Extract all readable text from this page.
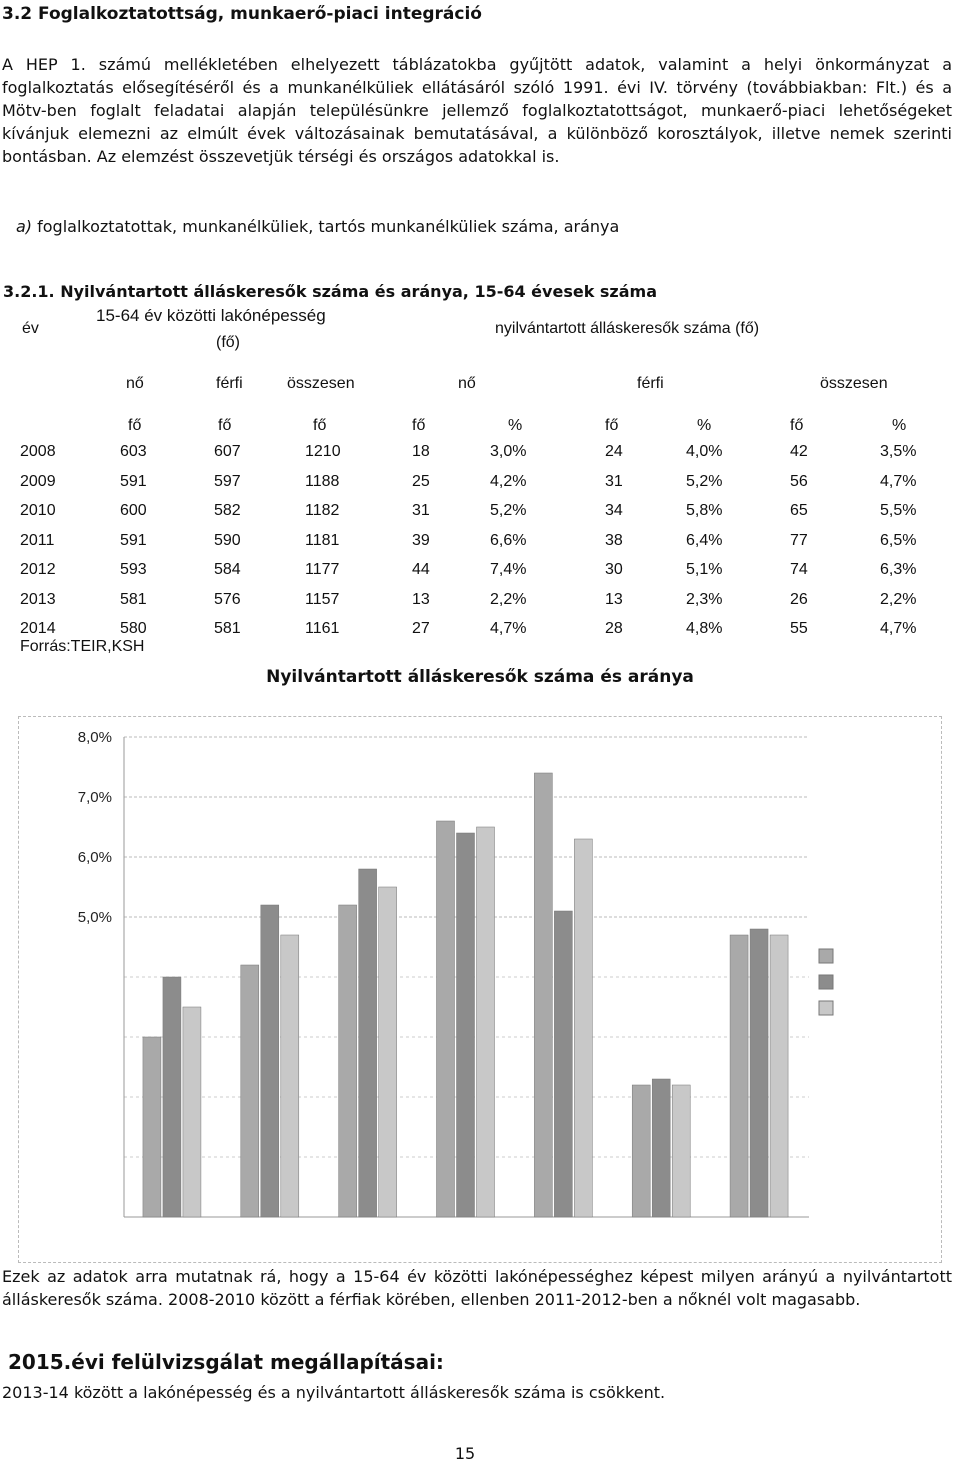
3.2 Foglalkoztatottság, munkaerő-piaci integráció
A HEP 1. számú mellékletében elhelyezett táblázatokba gyűjtött adatok, valamint a helyi önkormányzat a foglalkoztatás elősegítéséről és a munkanélküliek ellátásáról szóló 1991. évi IV. törvény (továbbiakban: Flt.) és a Mötv-ben foglalt feladatai alapján településünkre jellemző foglalkoztatottságot, munkaerő-piaci lehetőségeket kívánjuk elemezni az elmúlt évek változásainak bemutatásával, a különböző korosztályok, illetve nemek szerinti bontásban. Az elemzést összevetjük térségi és országos adatokkal is.
a) foglalkoztatottak, munkanélküliek, tartós munkanélküliek száma, aránya
3.2.1. Nyilvántartott álláskeresők száma és aránya, 15-64 évesek száma
év
15-64 év közötti lakónépesség
(fő)
nyilvántartott álláskeresők száma (fő)
nő	férfi	összesen	nő	férfi	összesen
fő	fő	fő	fő	%	fő	%	fő	%
2008	603	607	1210	18	3,0%	24	4,0%	42	3,5%
2009	591	597	1188	25	4,2%	31	5,2%	56	4,7%
2010	600	582	1182	31	5,2%	34	5,8%	65	5,5%
2011	591	590	1181	39	6,6%	38	6,4%	77	6,5%
2012	593	584	1177	44	7,4%	30	5,1%	74	6,3%
2013	581	576	1157	13	2,2%	13	2,3%	26	2,2%
2014	580	581	1161	27	4,7%	28	4,8%	55	4,7%
Forrás:TEIR,KSH
Nyilvántartott álláskeresők száma és aránya
8,0%
7,0%
6,0%
5,0%
Ezek az adatok arra mutatnak rá, hogy a 15-64 év közötti lakónépességhez képest milyen arányú a nyilvántartott álláskeresők száma. 2008-2010 között a férfiak körében, ellenben 2011-2012-ben a nőknél volt magasabb.
2015.évi felülvizsgálat megállapításai:
2013-14 között a lakónépesség és a nyilvántartott álláskeresők száma is csökkent.
15
